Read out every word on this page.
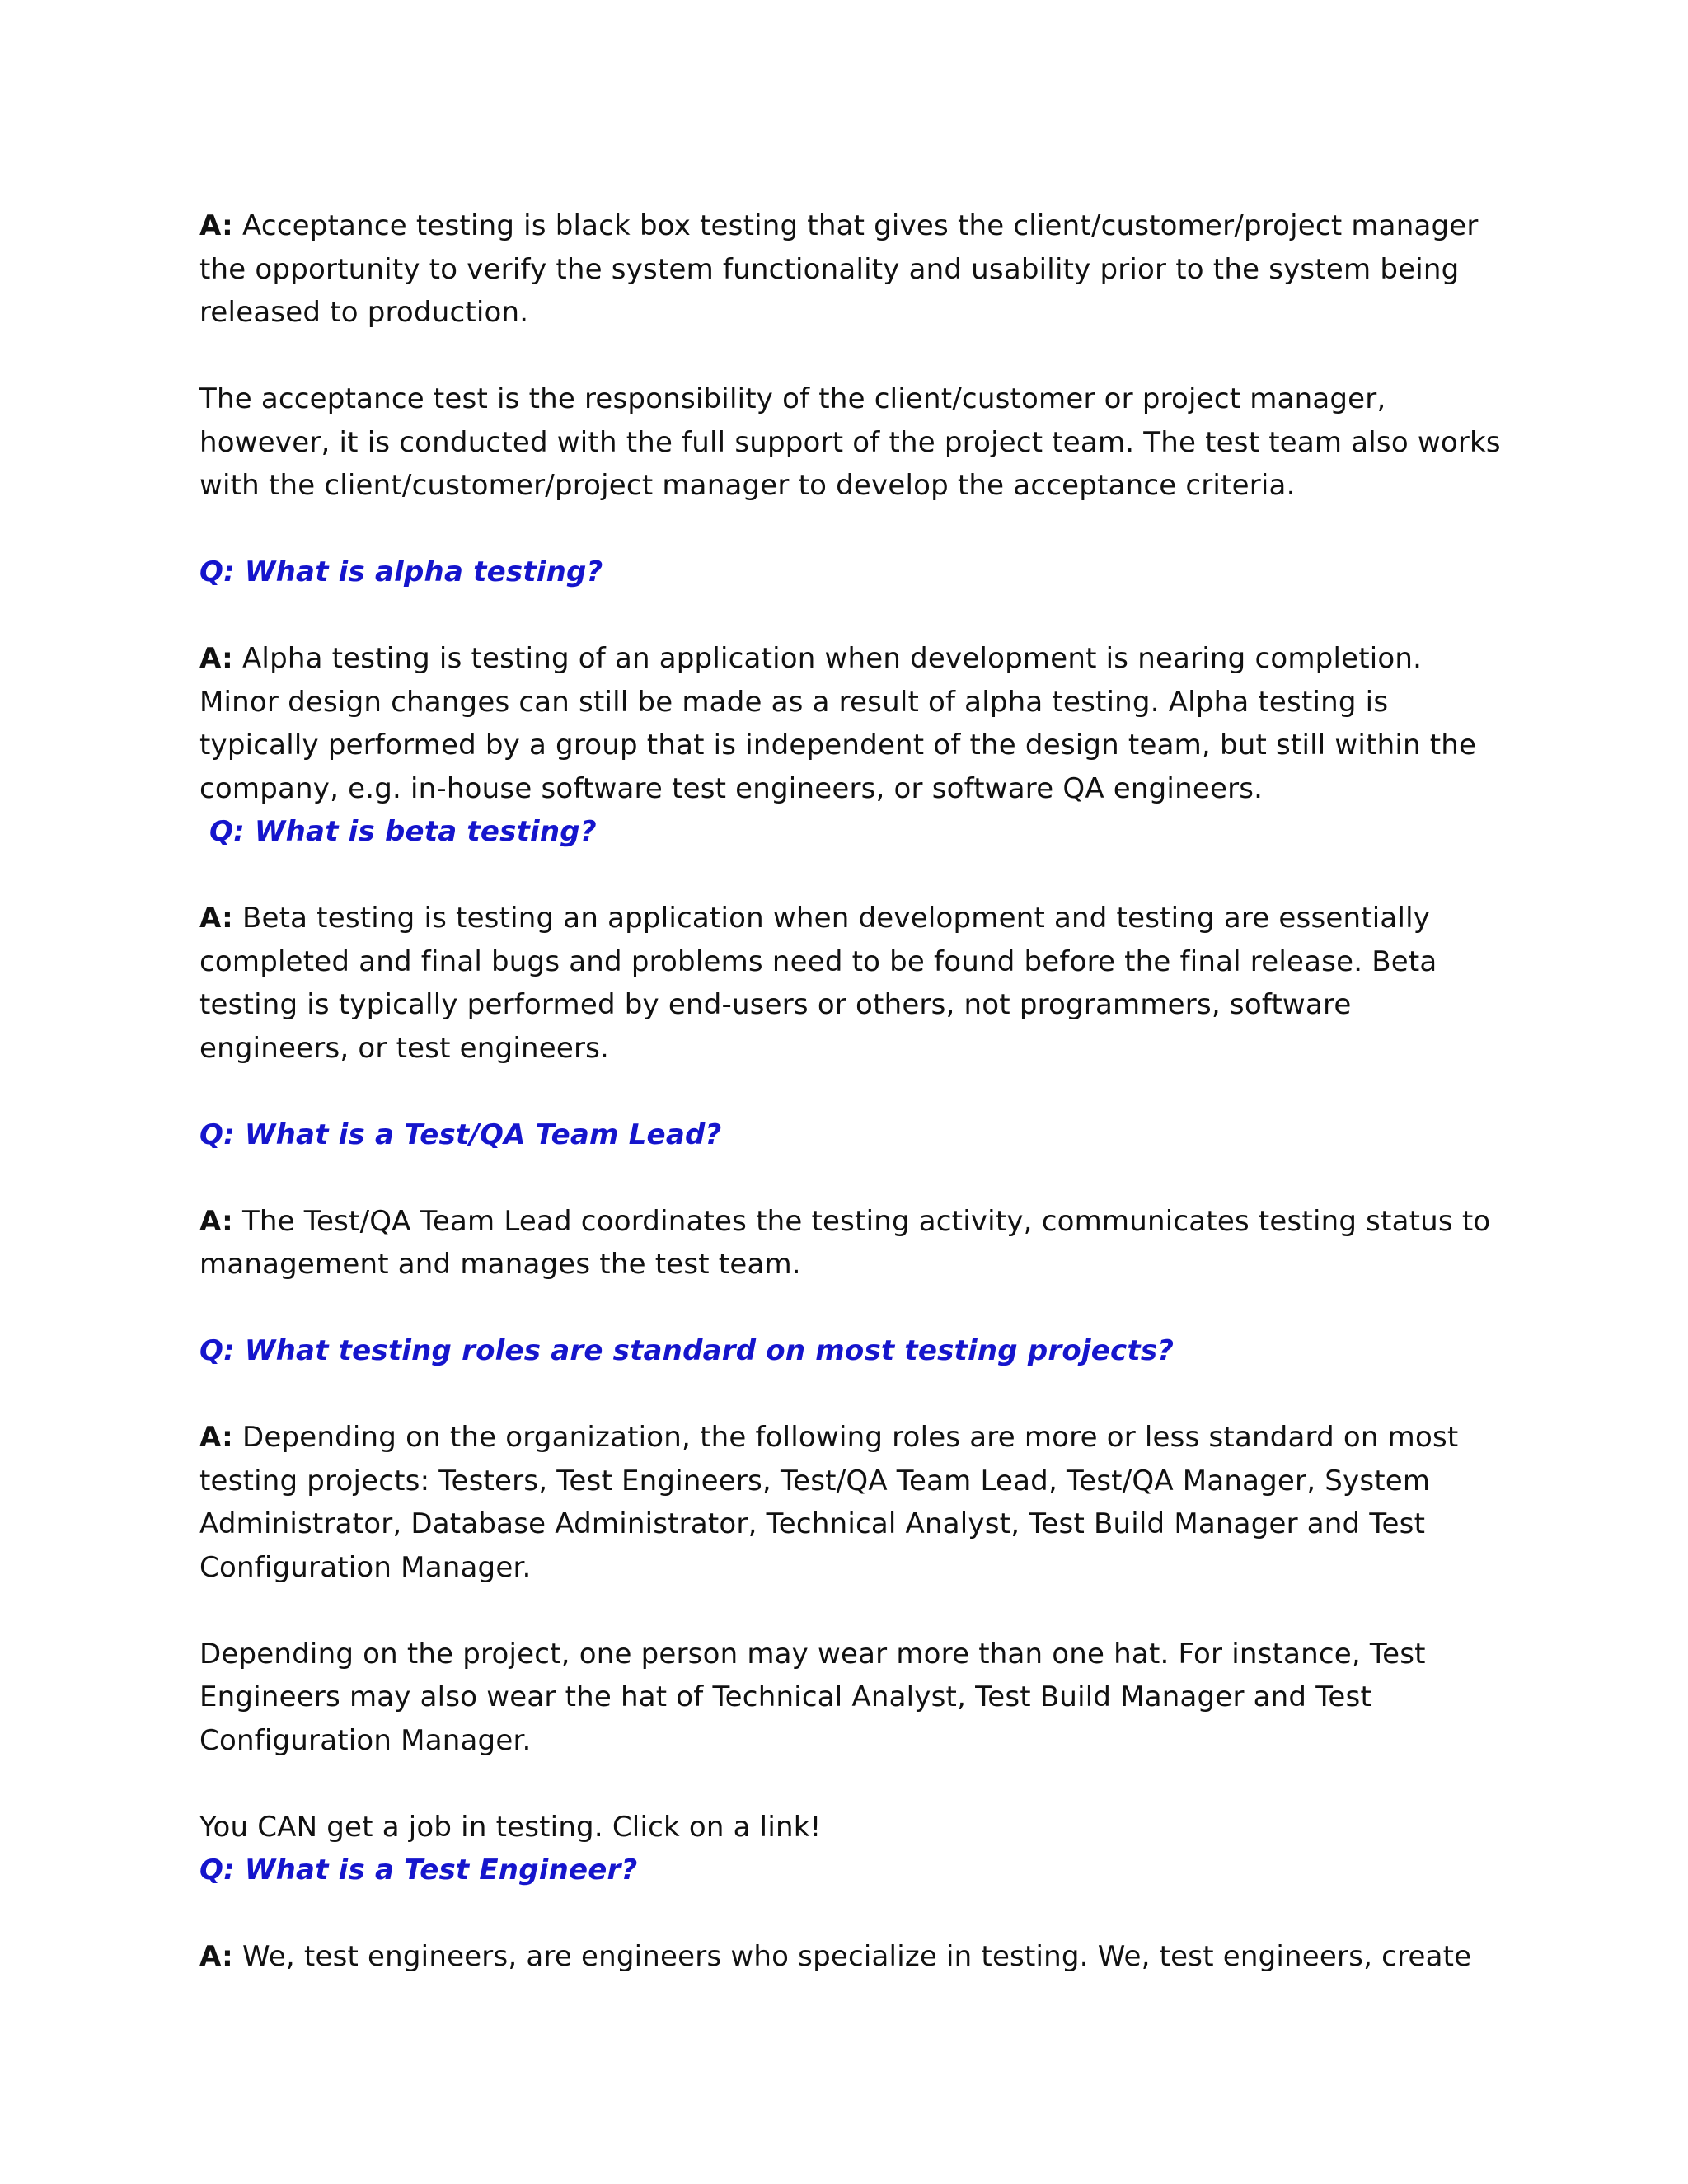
A: Acceptance testing is black box testing that gives the client/customer/project manager the opportunity to verify the system functionality and usability prior to the system being released to production.

The acceptance test is the responsibility of the client/customer or project manager, however, it is conducted with the full support of the project team. The test team also works with the client/customer/project manager to develop the acceptance criteria.

Q: What is alpha testing?

A: Alpha testing is testing of an application when development is nearing completion. Minor design changes can still be made as a result of alpha testing. Alpha testing is typically performed by a group that is independent of the design team, but still within the company, e.g. in-house software test engineers, or software QA engineers.

Q: What is beta testing?

A: Beta testing is testing an application when development and testing are essentially completed and final bugs and problems need to be found before the final release. Beta testing is typically performed by end-users or others, not programmers, software engineers, or test engineers.

Q: What is a Test/QA Team Lead?

A: The Test/QA Team Lead coordinates the testing activity, communicates testing status to management and manages the test team.

Q: What testing roles are standard on most testing projects?

A: Depending on the organization, the following roles are more or less standard on most testing projects: Testers, Test Engineers, Test/QA Team Lead, Test/QA Manager, System Administrator, Database Administrator, Technical Analyst, Test Build Manager and Test Configuration Manager.

Depending on the project, one person may wear more than one hat. For instance, Test Engineers may also wear the hat of Technical Analyst, Test Build Manager and Test Configuration Manager.

You CAN get a job in testing. Click on a link!

Q: What is a Test Engineer?

A: We, test engineers, are engineers who specialize in testing. We, test engineers, create
